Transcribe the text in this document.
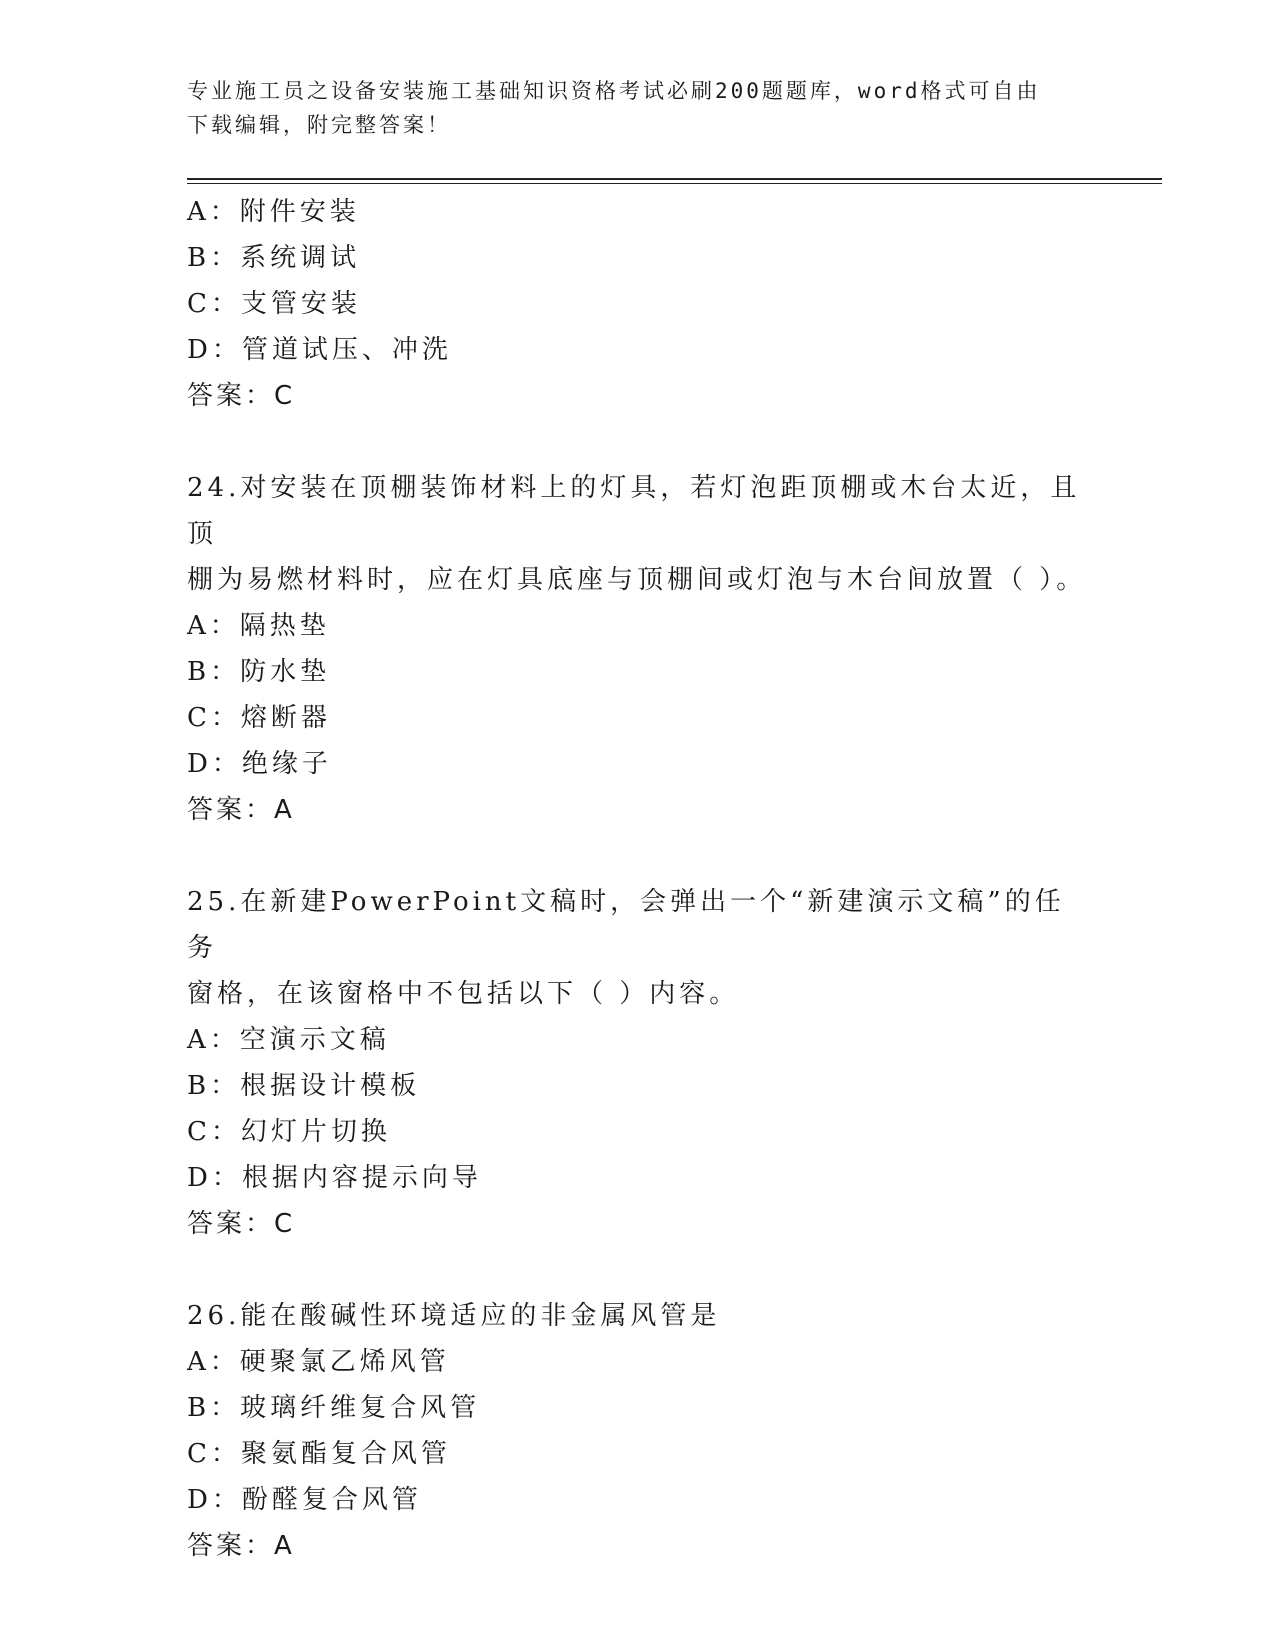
专业施工员之设备安装施工基础知识资格考试必刷200题题库，word格式可自由
下载编辑，附完整答案！
A：附件安装
B：系统调试
C：支管安装
D：管道试压、冲洗
答案：C
24.对安装在顶棚装饰材料上的灯具，若灯泡距顶棚或木台太近，且顶
棚为易燃材料时，应在灯具底座与顶棚间或灯泡与木台间放置（ ）。
A：隔热垫
B：防水垫
C：熔断器
D：绝缘子
答案：A
25.在新建PowerPoint文稿时，会弹出一个“新建演示文稿”的任务
窗格，在该窗格中不包括以下（ ）内容。
A：空演示文稿
B：根据设计模板
C：幻灯片切换
D：根据内容提示向导
答案：C
26.能在酸碱性环境适应的非金属风管是
A：硬聚氯乙烯风管
B：玻璃纤维复合风管
C：聚氨酯复合风管
D：酚醛复合风管
答案：A
